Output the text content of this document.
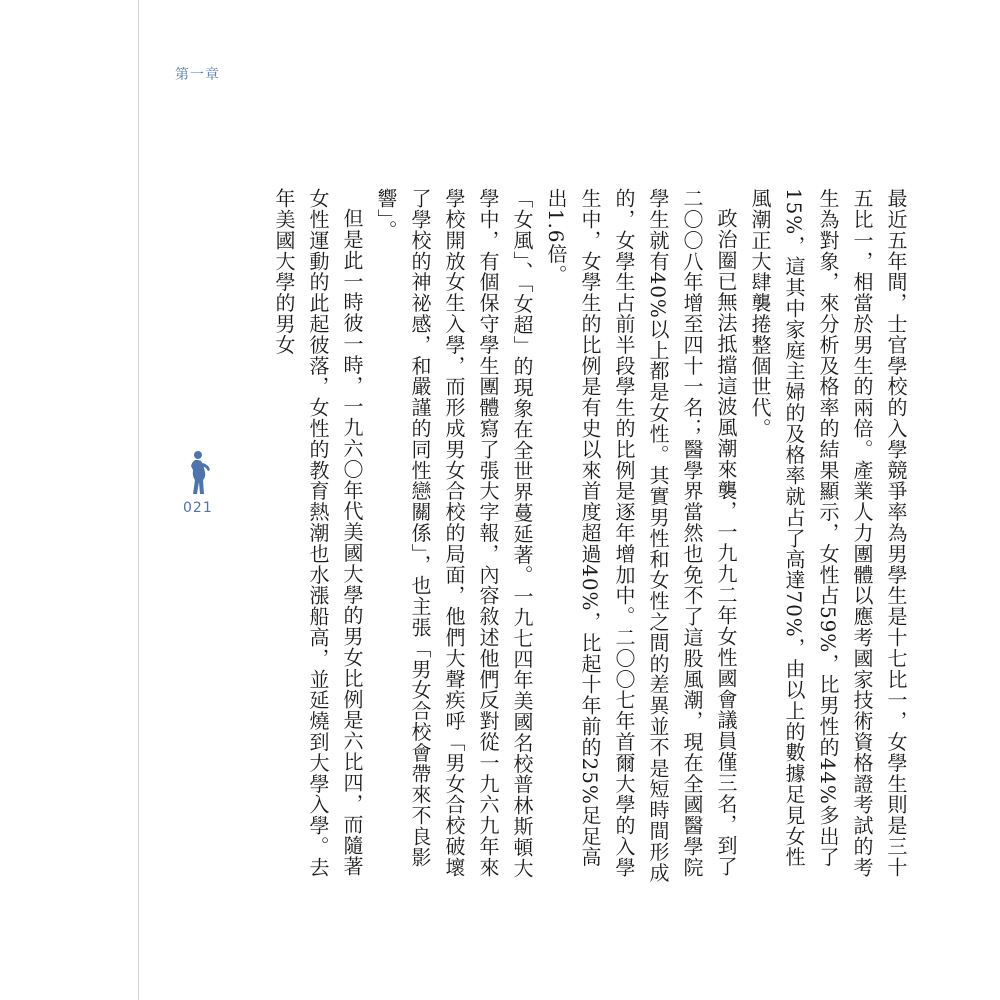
第一章
021	最近五年間，士官學校的入學競爭率為男學生是十七比一，女學生則是三十五比一，相當於男生的兩倍。產業人力團體以應考國家技術資格證考試的考生為對象，來分析及格率的結果顯示，女性占59%，比男性的44%多出了15%，這其中家庭主婦的及格率就占了高達70%，由以上的數據足見女性風潮正大肆襲捲整個世代。

政治圈已無法抵擋這波風潮來襲，一九九二年女性國會議員僅三名，到了二〇〇八年增至四十一名；醫學界當然也免不了這股風潮，現在全國醫學院學生就有40%以上都是女性。其實男性和女性之間的差異並不是短時間形成的，女學生占前半段學生的比例是逐年增加中。二〇〇七年首爾大學的入學生中，女學生的比例是有史以來首度超過40%，比起十年前的25%足足高出1.6倍。

「女風」、「女超」的現象在全世界蔓延著。一九七四年美國名校普林斯頓大學中，有個保守學生團體寫了張大字報，內容敘述他們反對從一九六九年來學校開放女生入學，而形成男女合校的局面，他們大聲疾呼「男女合校破壞了學校的神祕感，和嚴謹的同性戀關係」，也主張「男女合校會帶來不良影響」。

但是此一時彼一時，一九六〇年代美國大學的男女比例是六比四，而隨著女性運動的此起彼落，女性的教育熱潮也水漲船高，並延燒到大學入學。去年美國大學的男女
